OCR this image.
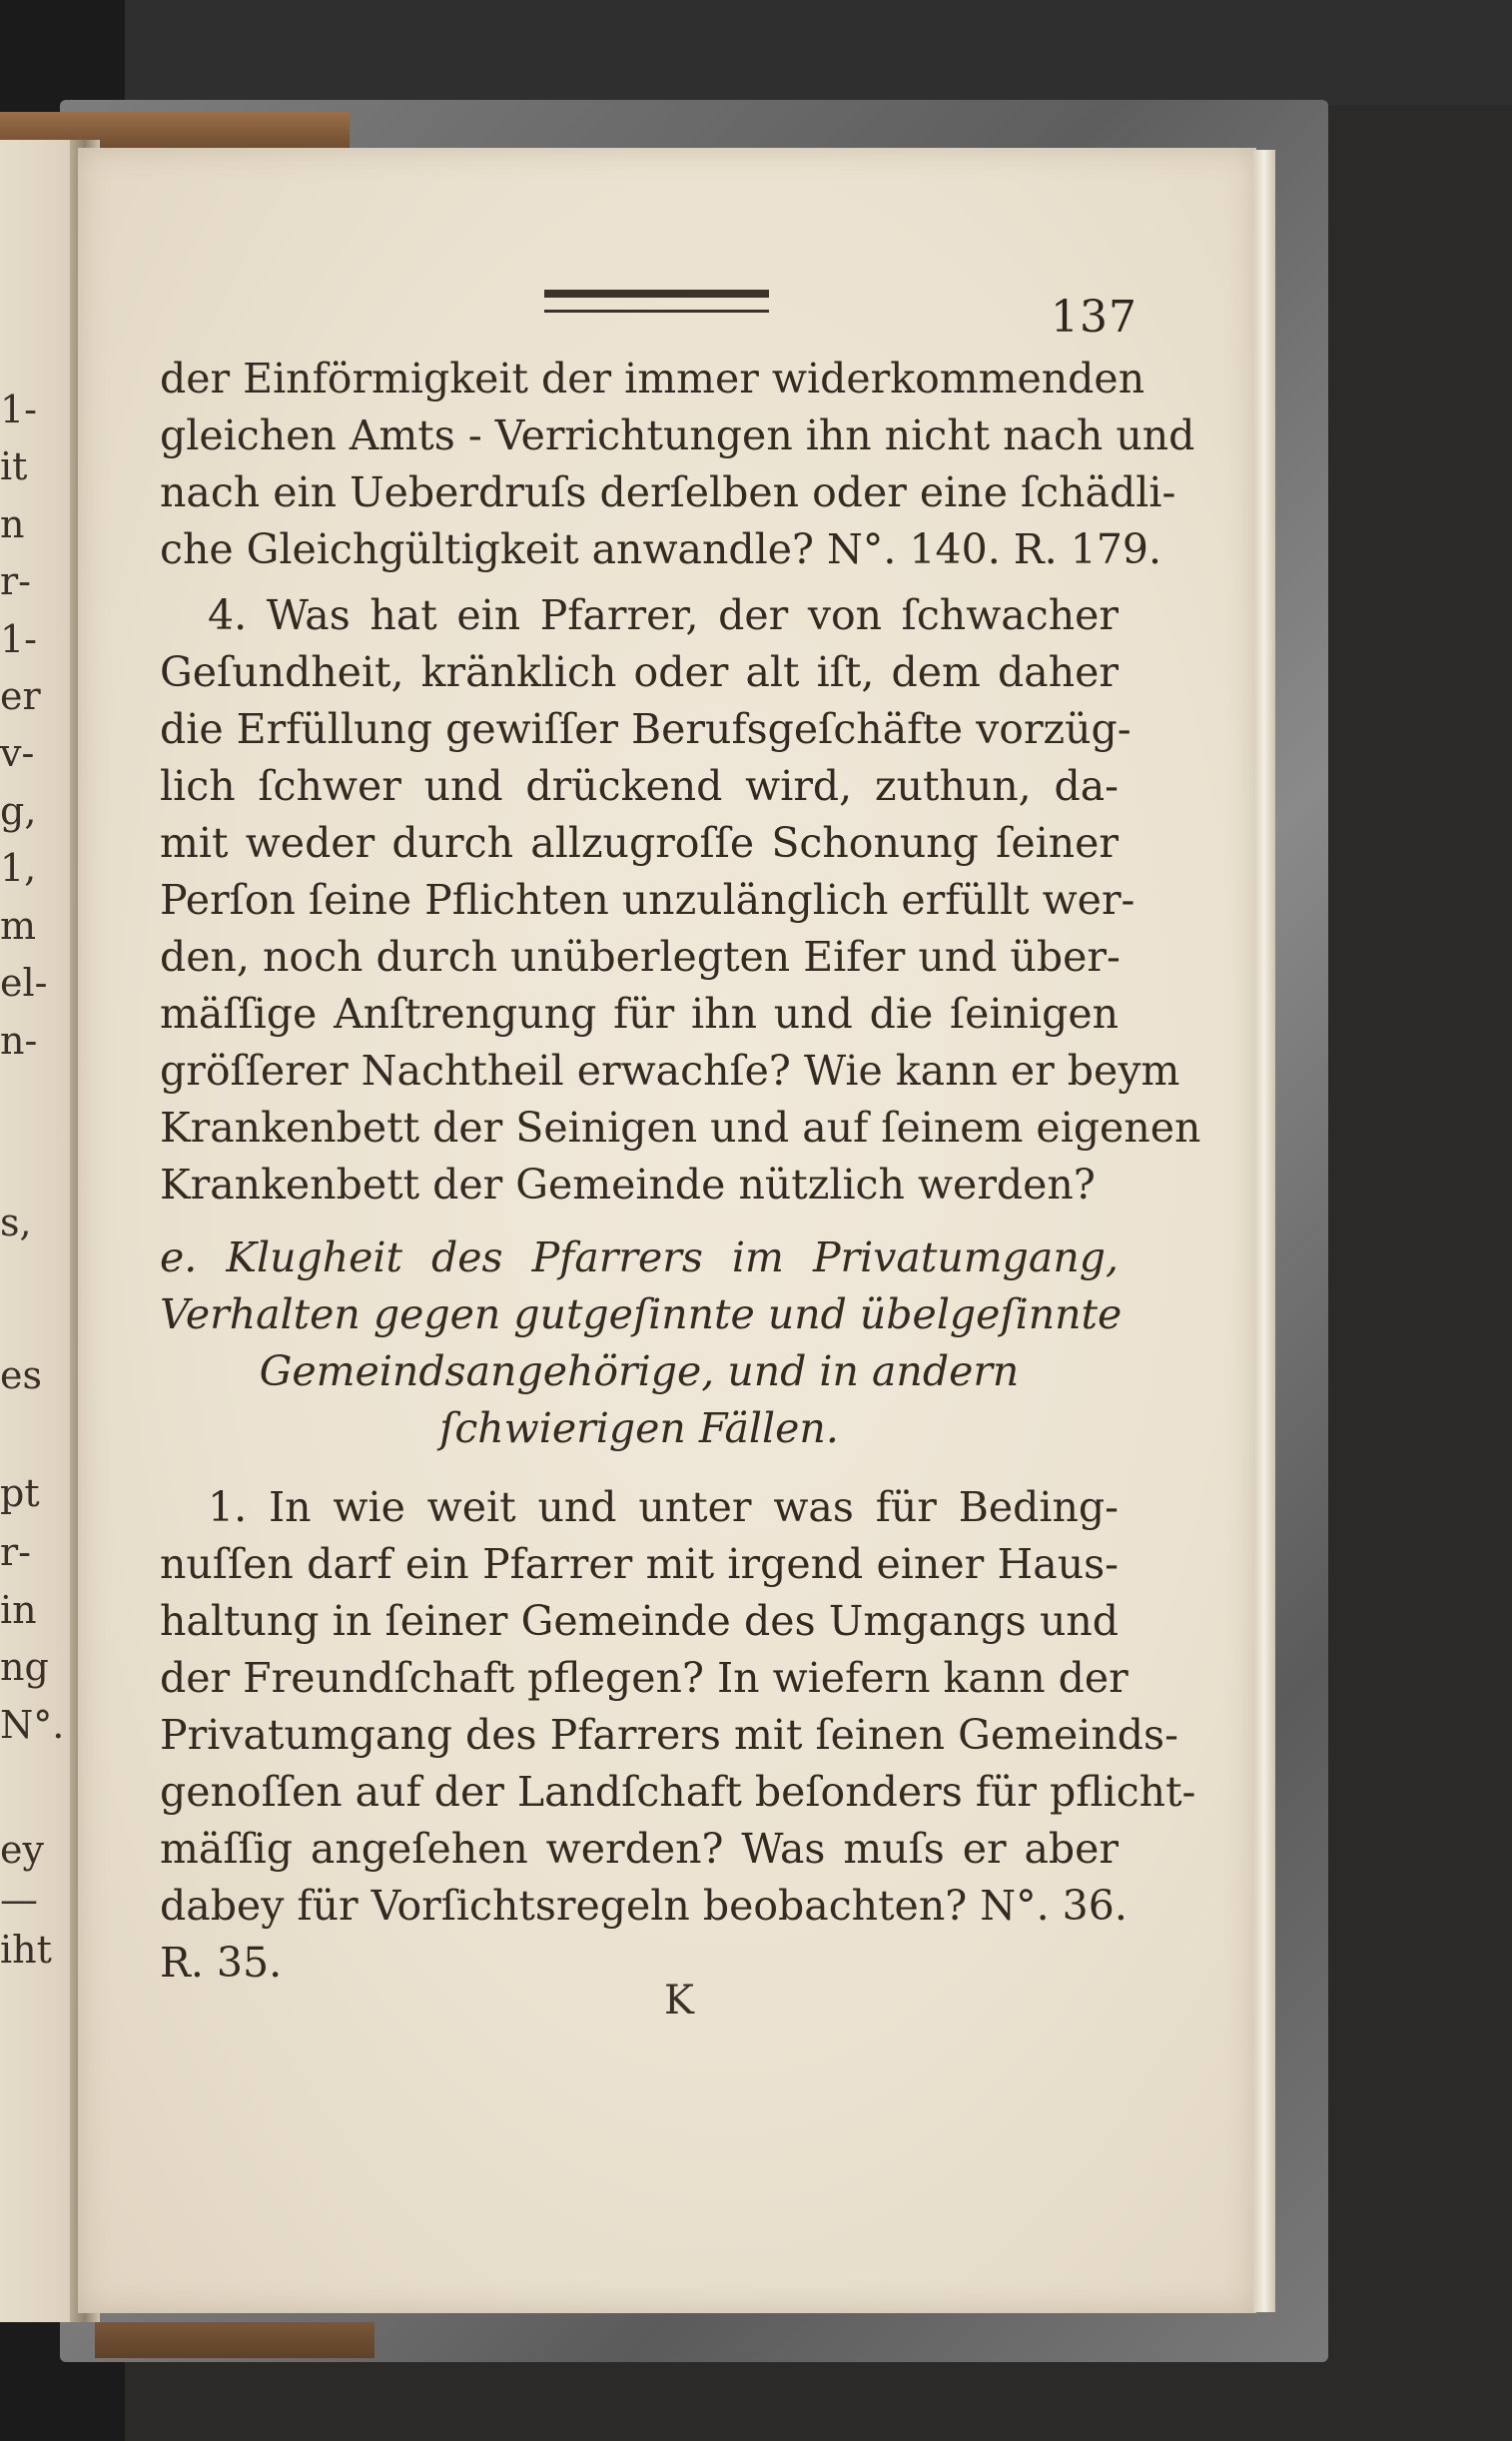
1-
it
n
r-
1-
er
v-
g,
1,
m
el-
n-
s,
es
pt
r-
in
ng
N°.
ey
—
iht
137
der Einförmigkeit der immer widerkommenden
gleichen Amts - Verrichtungen ihn nicht nach und
nach ein Ueberdruſs derſelben oder eine ſchädli-
che Gleichgültigkeit anwandle? N°. 140. R. 179.
4. Was hat ein Pfarrer, der von ſchwacher
Geſundheit, kränklich oder alt iſt, dem daher
die Erfüllung gewiſſer Berufsgeſchäfte vorzüg-
lich ſchwer und drückend wird, zuthun, da-
mit weder durch allzugroſſe Schonung ſeiner
Perſon ſeine Pflichten unzulänglich erfüllt wer-
den, noch durch unüberlegten Eifer und über-
mäſſige Anſtrengung für ihn und die ſeinigen
gröſſerer Nachtheil erwachſe? Wie kann er beym
Krankenbett der Seinigen und auf ſeinem eigenen
Krankenbett der Gemeinde nützlich werden?
e. Klugheit des Pfarrers im Privatumgang,
Verhalten gegen gutgeſinnte und übelgeſinnte
Gemeindsangehörige, und in andern
ſchwierigen Fällen.
1. In wie weit und unter was für Beding-
nuſſen darf ein Pfarrer mit irgend einer Haus-
haltung in ſeiner Gemeinde des Umgangs und
der Freundſchaft pflegen? In wiefern kann der
Privatumgang des Pfarrers mit ſeinen Gemeinds-
genoſſen auf der Landſchaft beſonders für pflicht-
mäſſig angeſehen werden? Was muſs er aber
dabey für Vorſichtsregeln beobachten? N°. 36.
R. 35.
K
